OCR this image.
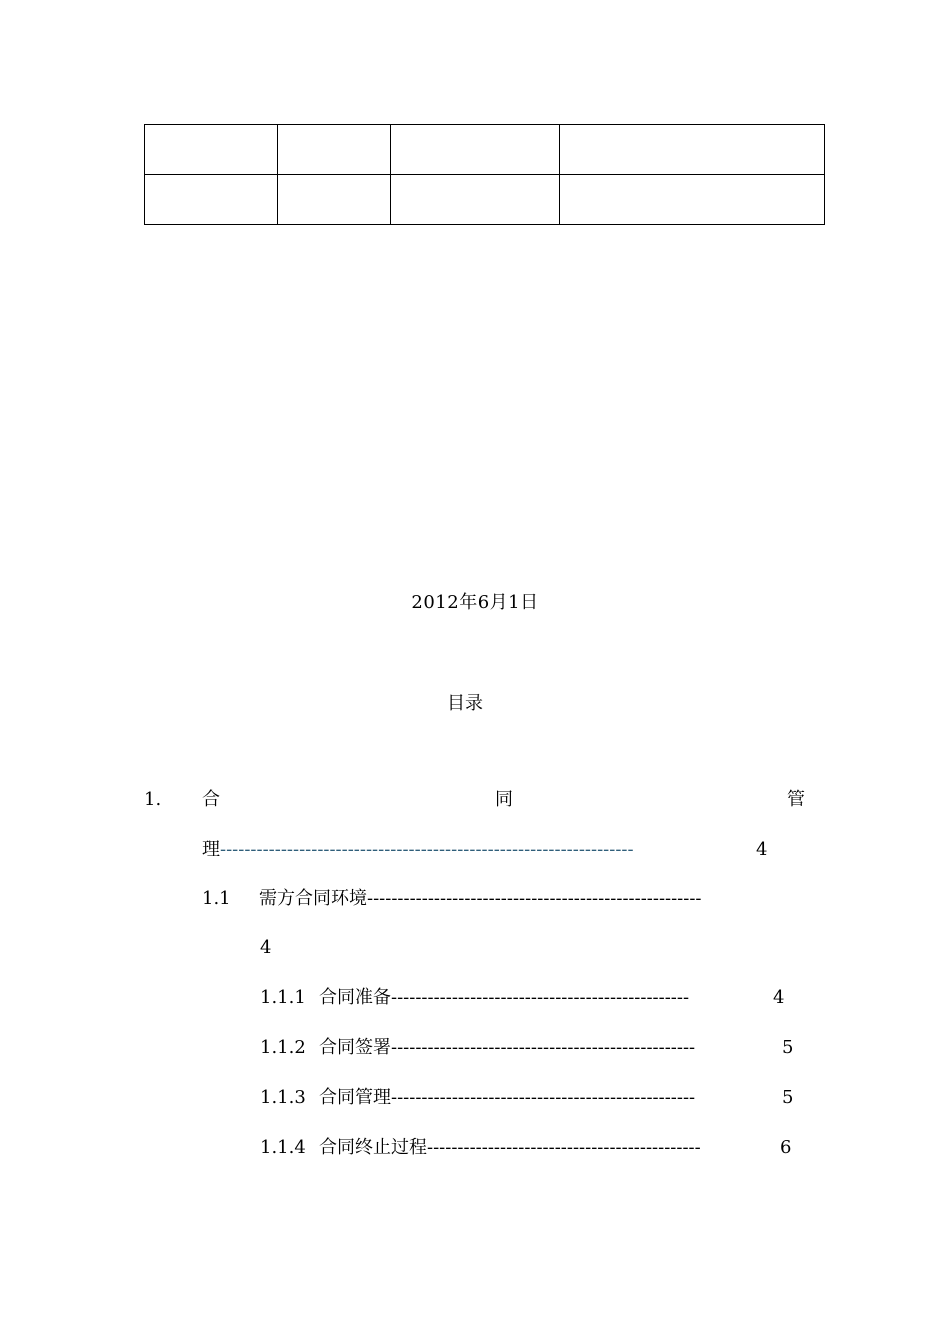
2012年6月1日
目录
1. 合	同	管
理--------------------------------------------------------------------	4
1.1 需方合同环境-------------------------------------------------------
4
1.1.1 合同准备-------------------------------------------------	4
1.1.2 合同签署--------------------------------------------------	5
1.1.3 合同管理--------------------------------------------------	5
1.1.4 合同终止过程---------------------------------------------	6
